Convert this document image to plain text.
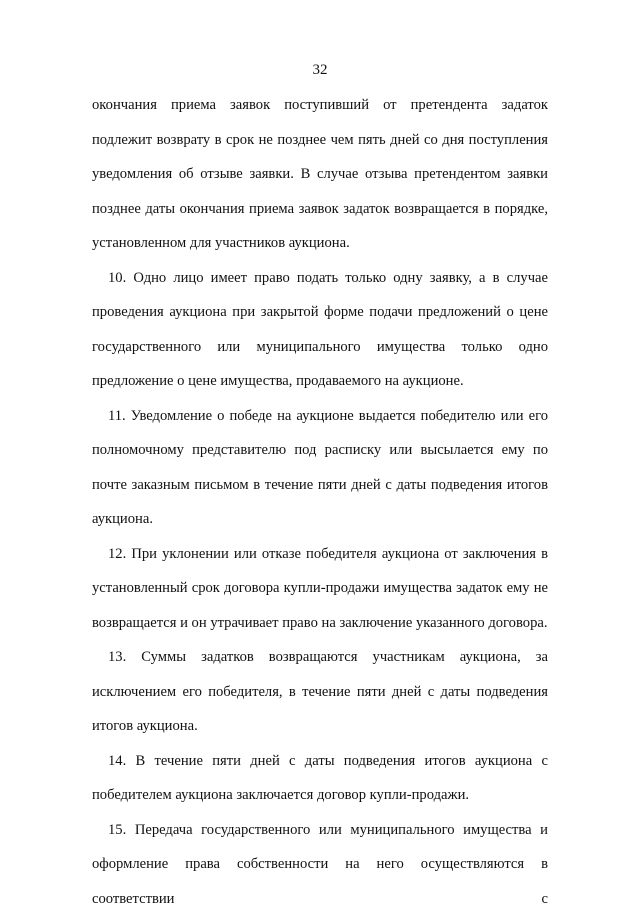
32

окончания приема заявок поступивший от претендента задаток подлежит возврату в срок не позднее чем пять дней со дня поступления уведомления об отзыве заявки. В случае отзыва претендентом заявки позднее даты окончания приема заявок задаток возвращается в порядке, установленном для участников аукциона.

10. Одно лицо имеет право подать только одну заявку, а в случае проведения аукциона при закрытой форме подачи предложений о цене государственного или муниципального имущества только одно предложение о цене имущества, продаваемого на аукционе.

11. Уведомление о победе на аукционе выдается победителю или его полномочному представителю под расписку или высылается ему по почте заказным письмом в течение пяти дней с даты подведения итогов аукциона.

12. При уклонении или отказе победителя аукциона от заключения в установленный срок договора купли-продажи имущества задаток ему не возвращается и он утрачивает право на заключение указанного договора.

13. Суммы задатков возвращаются участникам аукциона, за исключением его победителя, в течение пяти дней с даты подведения итогов аукциона.

14. В течение пяти дней с даты подведения итогов аукциона с победителем аукциона заключается договор купли-продажи.

15. Передача государственного или муниципального имущества и оформление права собственности на него осуществляются в соответствии с
